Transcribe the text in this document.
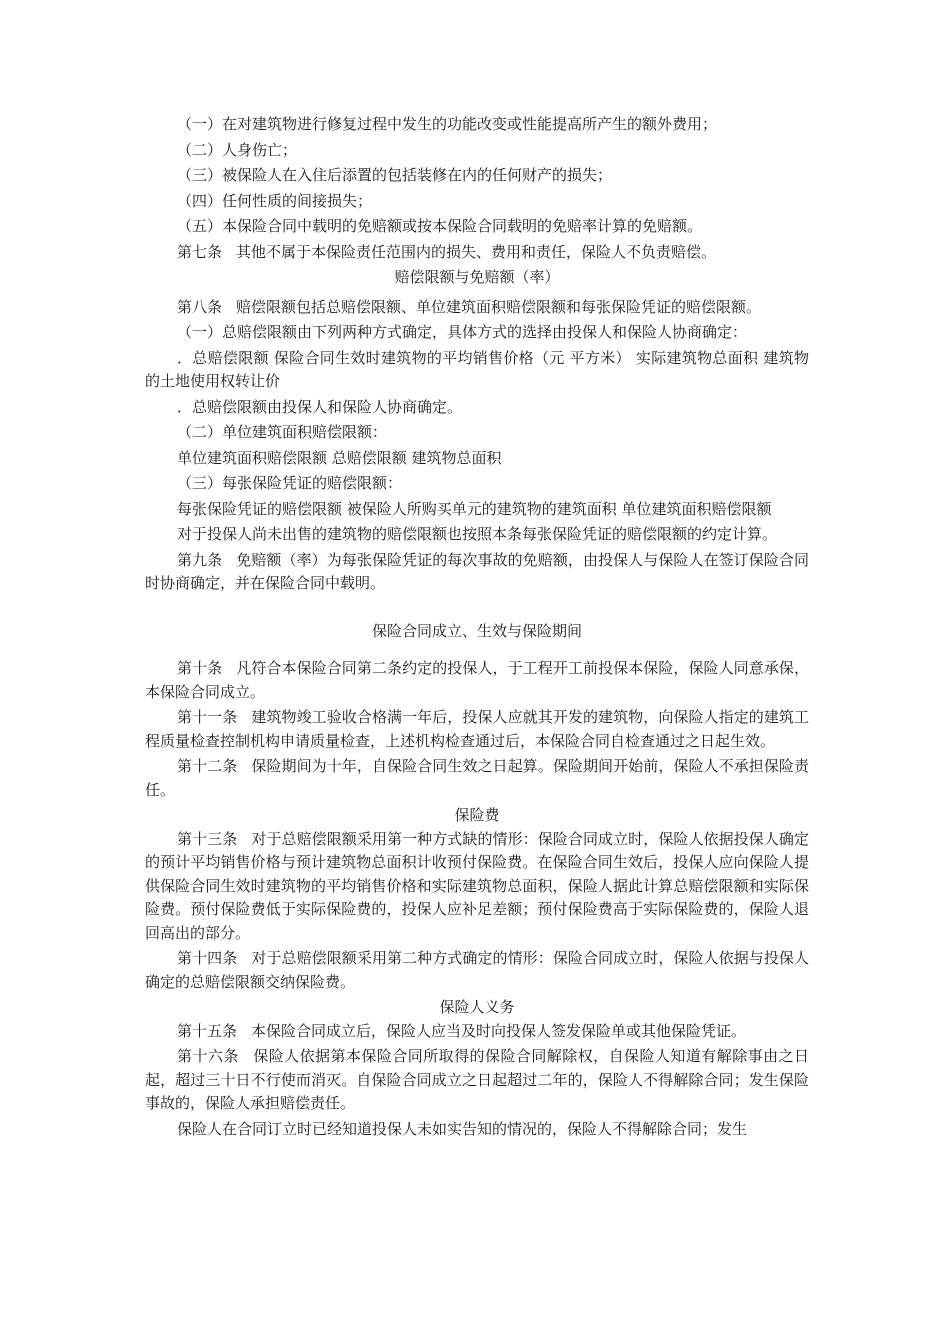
（一）在对建筑物进行修复过程中发生的功能改变或性能提高所产生的额外费用；

（二）人身伤亡；

（三）被保险人在入住后添置的包括装修在内的任何财产的损失；

（四）任何性质的间接损失；

（五）本保险合同中载明的免赔额或按本保险合同载明的免赔率计算的免赔额。

第七条 其他不属于本保险责任范围内的损失、费用和责任，保险人不负责赔偿。

赔偿限额与免赔额（率）

第八条 赔偿限额包括总赔偿限额、单位建筑面积赔偿限额和每张保险凭证的赔偿限额。

（一）总赔偿限额由下列两种方式确定，具体方式的选择由投保人和保险人协商确定：

．总赔偿限额 保险合同生效时建筑物的平均销售价格（元 平方米） 实际建筑物总面积 建筑物的土地使用权转让价

．总赔偿限额由投保人和保险人协商确定。

（二）单位建筑面积赔偿限额：

单位建筑面积赔偿限额 总赔偿限额 建筑物总面积

（三）每张保险凭证的赔偿限额：

每张保险凭证的赔偿限额 被保险人所购买单元的建筑物的建筑面积 单位建筑面积赔偿限额

对于投保人尚未出售的建筑物的赔偿限额也按照本条每张保险凭证的赔偿限额的约定计算。

第九条 免赔额（率）为每张保险凭证的每次事故的免赔额，由投保人与保险人在签订保险合同时协商确定，并在保险合同中载明。

保险合同成立、生效与保险期间

第十条 凡符合本保险合同第二条约定的投保人，于工程开工前投保本保险，保险人同意承保，本保险合同成立。

第十一条 建筑物竣工验收合格满一年后，投保人应就其开发的建筑物，向保险人指定的建筑工程质量检查控制机构申请质量检查，上述机构检查通过后，本保险合同自检查通过之日起生效。

第十二条 保险期间为十年，自保险合同生效之日起算。保险期间开始前，保险人不承担保险责任。

保险费

第十三条 对于总赔偿限额采用第一种方式缺的情形：保险合同成立时，保险人依据投保人确定的预计平均销售价格与预计建筑物总面积计收预付保险费。在保险合同生效后，投保人应向保险人提供保险合同生效时建筑物的平均销售价格和实际建筑物总面积，保险人据此计算总赔偿限额和实际保险费。预付保险费低于实际保险费的，投保人应补足差额；预付保险费高于实际保险费的，保险人退回高出的部分。

第十四条 对于总赔偿限额采用第二种方式确定的情形：保险合同成立时，保险人依据与投保人确定的总赔偿限额交纳保险费。

保险人义务

第十五条 本保险合同成立后，保险人应当及时向投保人签发保险单或其他保险凭证。

第十六条 保险人依据第本保险合同所取得的保险合同解除权，自保险人知道有解除事由之日起，超过三十日不行使而消灭。自保险合同成立之日起超过二年的，保险人不得解除合同；发生保险事故的，保险人承担赔偿责任。

保险人在合同订立时已经知道投保人未如实告知的情况的，保险人不得解除合同；发生
